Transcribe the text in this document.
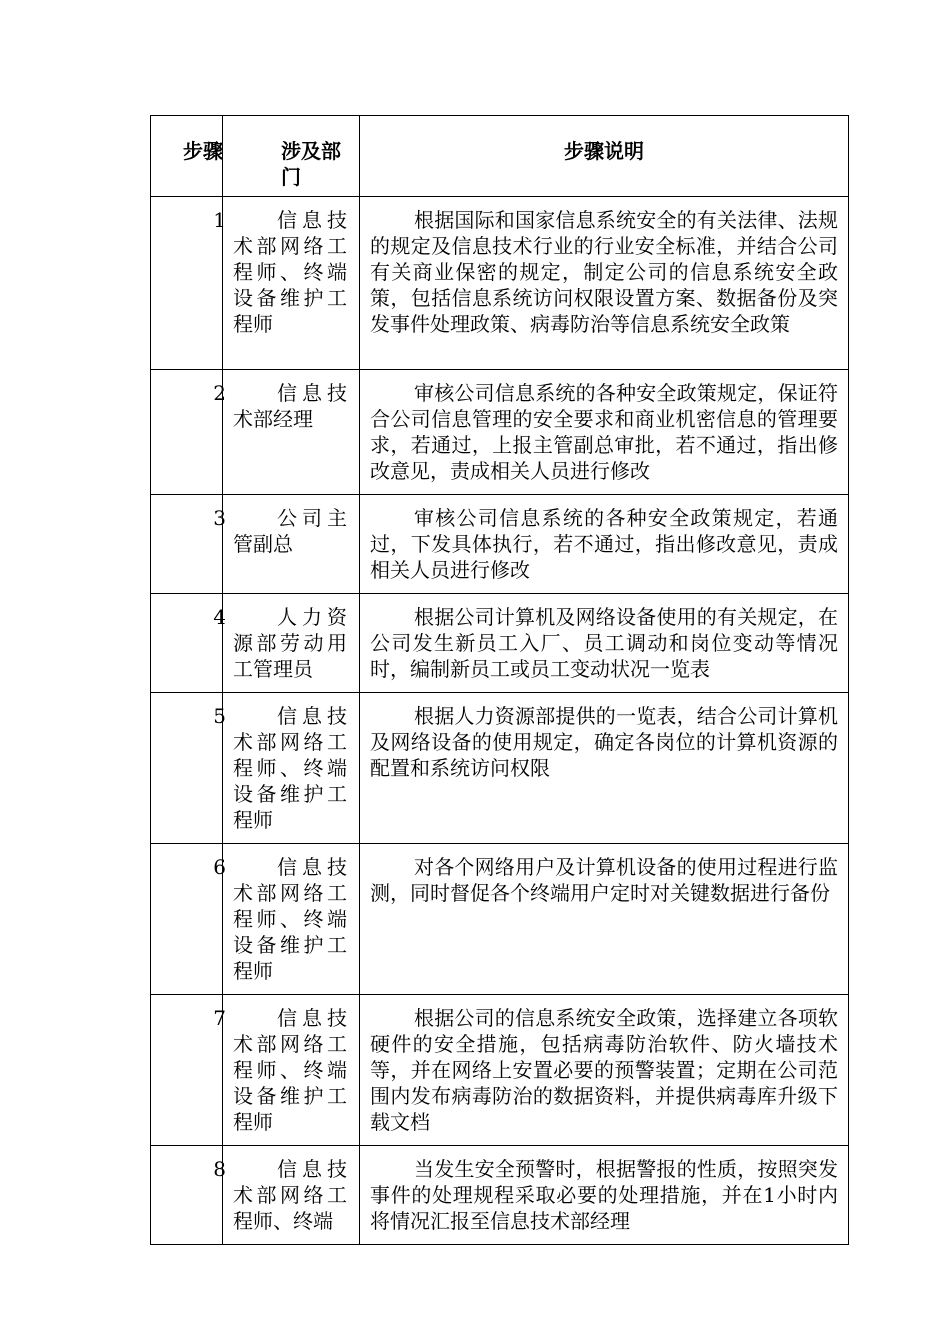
步骤	涉及部门	步骤说明

1	信息技术部网络工程师、终端设备维护工程师	根据国际和国家信息系统安全的有关法律、法规的规定及信息技术行业的行业安全标准，并结合公司有关商业保密的规定，制定公司的信息系统安全政策，包括信息系统访问权限设置方案、数据备份及突发事件处理政策、病毒防治等信息系统安全政策

2	信息技术部经理	审核公司信息系统的各种安全政策规定，保证符合公司信息管理的安全要求和商业机密信息的管理要求，若通过，上报主管副总审批，若不通过，指出修改意见，责成相关人员进行修改

3	公司主管副总	审核公司信息系统的各种安全政策规定，若通过，下发具体执行，若不通过，指出修改意见，责成相关人员进行修改

4	人力资源部劳动用工管理员	根据公司计算机及网络设备使用的有关规定，在公司发生新员工入厂、员工调动和岗位变动等情况时，编制新员工或员工变动状况一览表

5	信息技术部网络工程师、终端设备维护工程师	根据人力资源部提供的一览表，结合公司计算机及网络设备的使用规定，确定各岗位的计算机资源的配置和系统访问权限

6	信息技术部网络工程师、终端设备维护工程师	对各个网络用户及计算机设备的使用过程进行监测，同时督促各个终端用户定时对关键数据进行备份

7	信息技术部网络工程师、终端设备维护工程师	根据公司的信息系统安全政策，选择建立各项软硬件的安全措施，包括病毒防治软件、防火墙技术等，并在网络上安置必要的预警装置；定期在公司范围内发布病毒防治的数据资料，并提供病毒库升级下载文档

8	信息技术部网络工程师、终端	当发生安全预警时，根据警报的性质，按照突发事件的处理规程采取必要的处理措施，并在1小时内将情况汇报至信息技术部经理
